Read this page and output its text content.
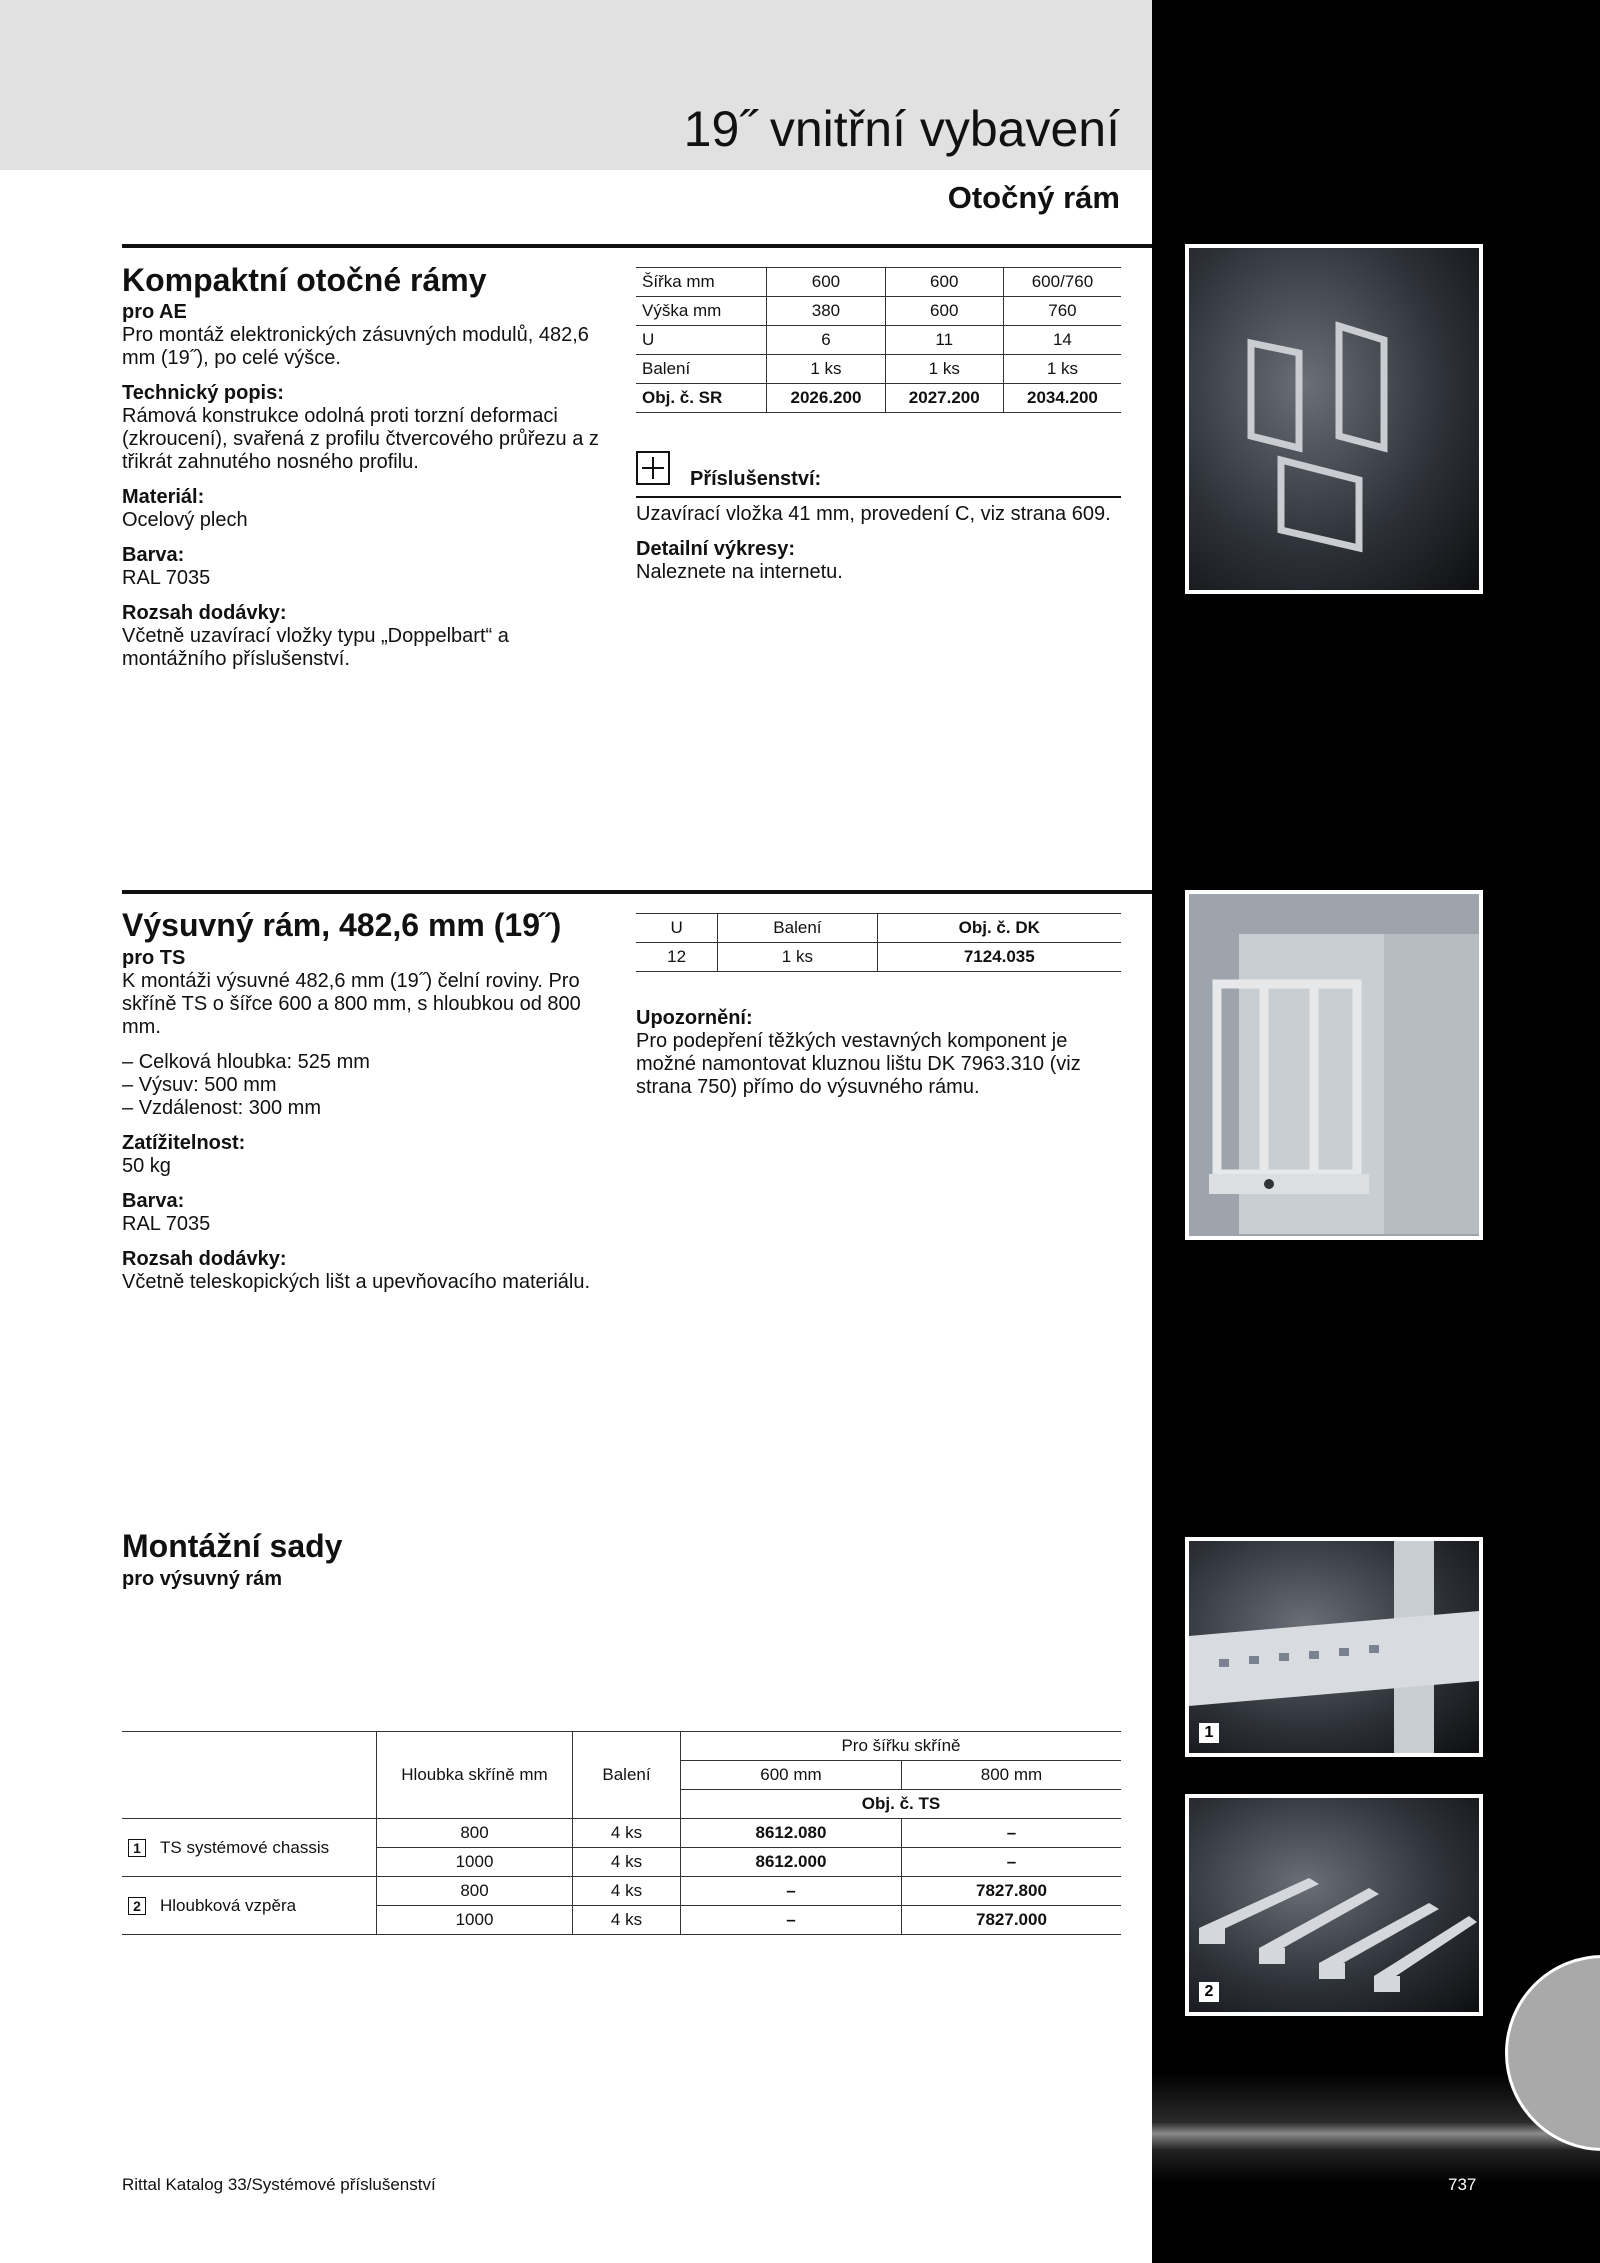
19˝ vnitřní vybavení
Otočný rám
Kompaktní otočné rámy

pro AE
Pro montáž elektronických zásuvných modulů, 482,6 mm (19˝), po celé výšce.

Technický popis:
Rámová konstrukce odolná proti torzní deformaci (zkroucení), svařená z profilu čtvercového průřezu a z třikrát zahnutého nosného profilu.

Materiál:
Ocelový plech

Barva:
RAL 7035

Rozsah dodávky:
Včetně uzavírací vložky typu „Doppelbart“ a montážního příslušenství.

Šířka mm	600	600	600/760
Výška mm	380	600	760
U	6	11	14
Balení	1 ks	1 ks	1 ks
Obj. č. SR	2026.200	2027.200	2034.200
Příslušenství:

Uzavírací vložka 41 mm, provedení C, viz strana 609.

Detailní výkresy:
Naleznete na internetu.

Výsuvný rám, 482,6 mm (19˝)

pro TS
K montáži výsuvné 482,6 mm (19˝) čelní roviny. Pro skříně TS o šířce 600 a 800 mm, s hloubkou od 800 mm.

– Celková hloubka: 525 mm
– Výsuv: 500 mm
– Vzdálenost: 300 mm

Zatížitelnost:
50 kg

Barva:
RAL 7035

Rozsah dodávky:
Včetně teleskopických lišt a upevňovacího materiálu.

U	Balení	Obj. č. DK
12	1 ks	7124.035

Upozornění:
Pro podepření těžkých vestavných komponent je možné namontovat kluznou lištu DK 7963.310 (viz strana 750) přímo do výsuvného rámu.

Montážní sady
pro výsuvný rám
	Hloubka skříně mm	Balení	Pro šířku skříně	
			600 mm	800 mm
			Obj. č. TS	
1 TS systémové chassis	800	4 ks	8612.080	–
	1000	4 ks	8612.000	–
2 Hloubková vzpěra	800	4 ks	–	7827.800
	1000	4 ks	–	7827.000
1
2
Rittal Katalog 33/Systémové příslušenství	737
